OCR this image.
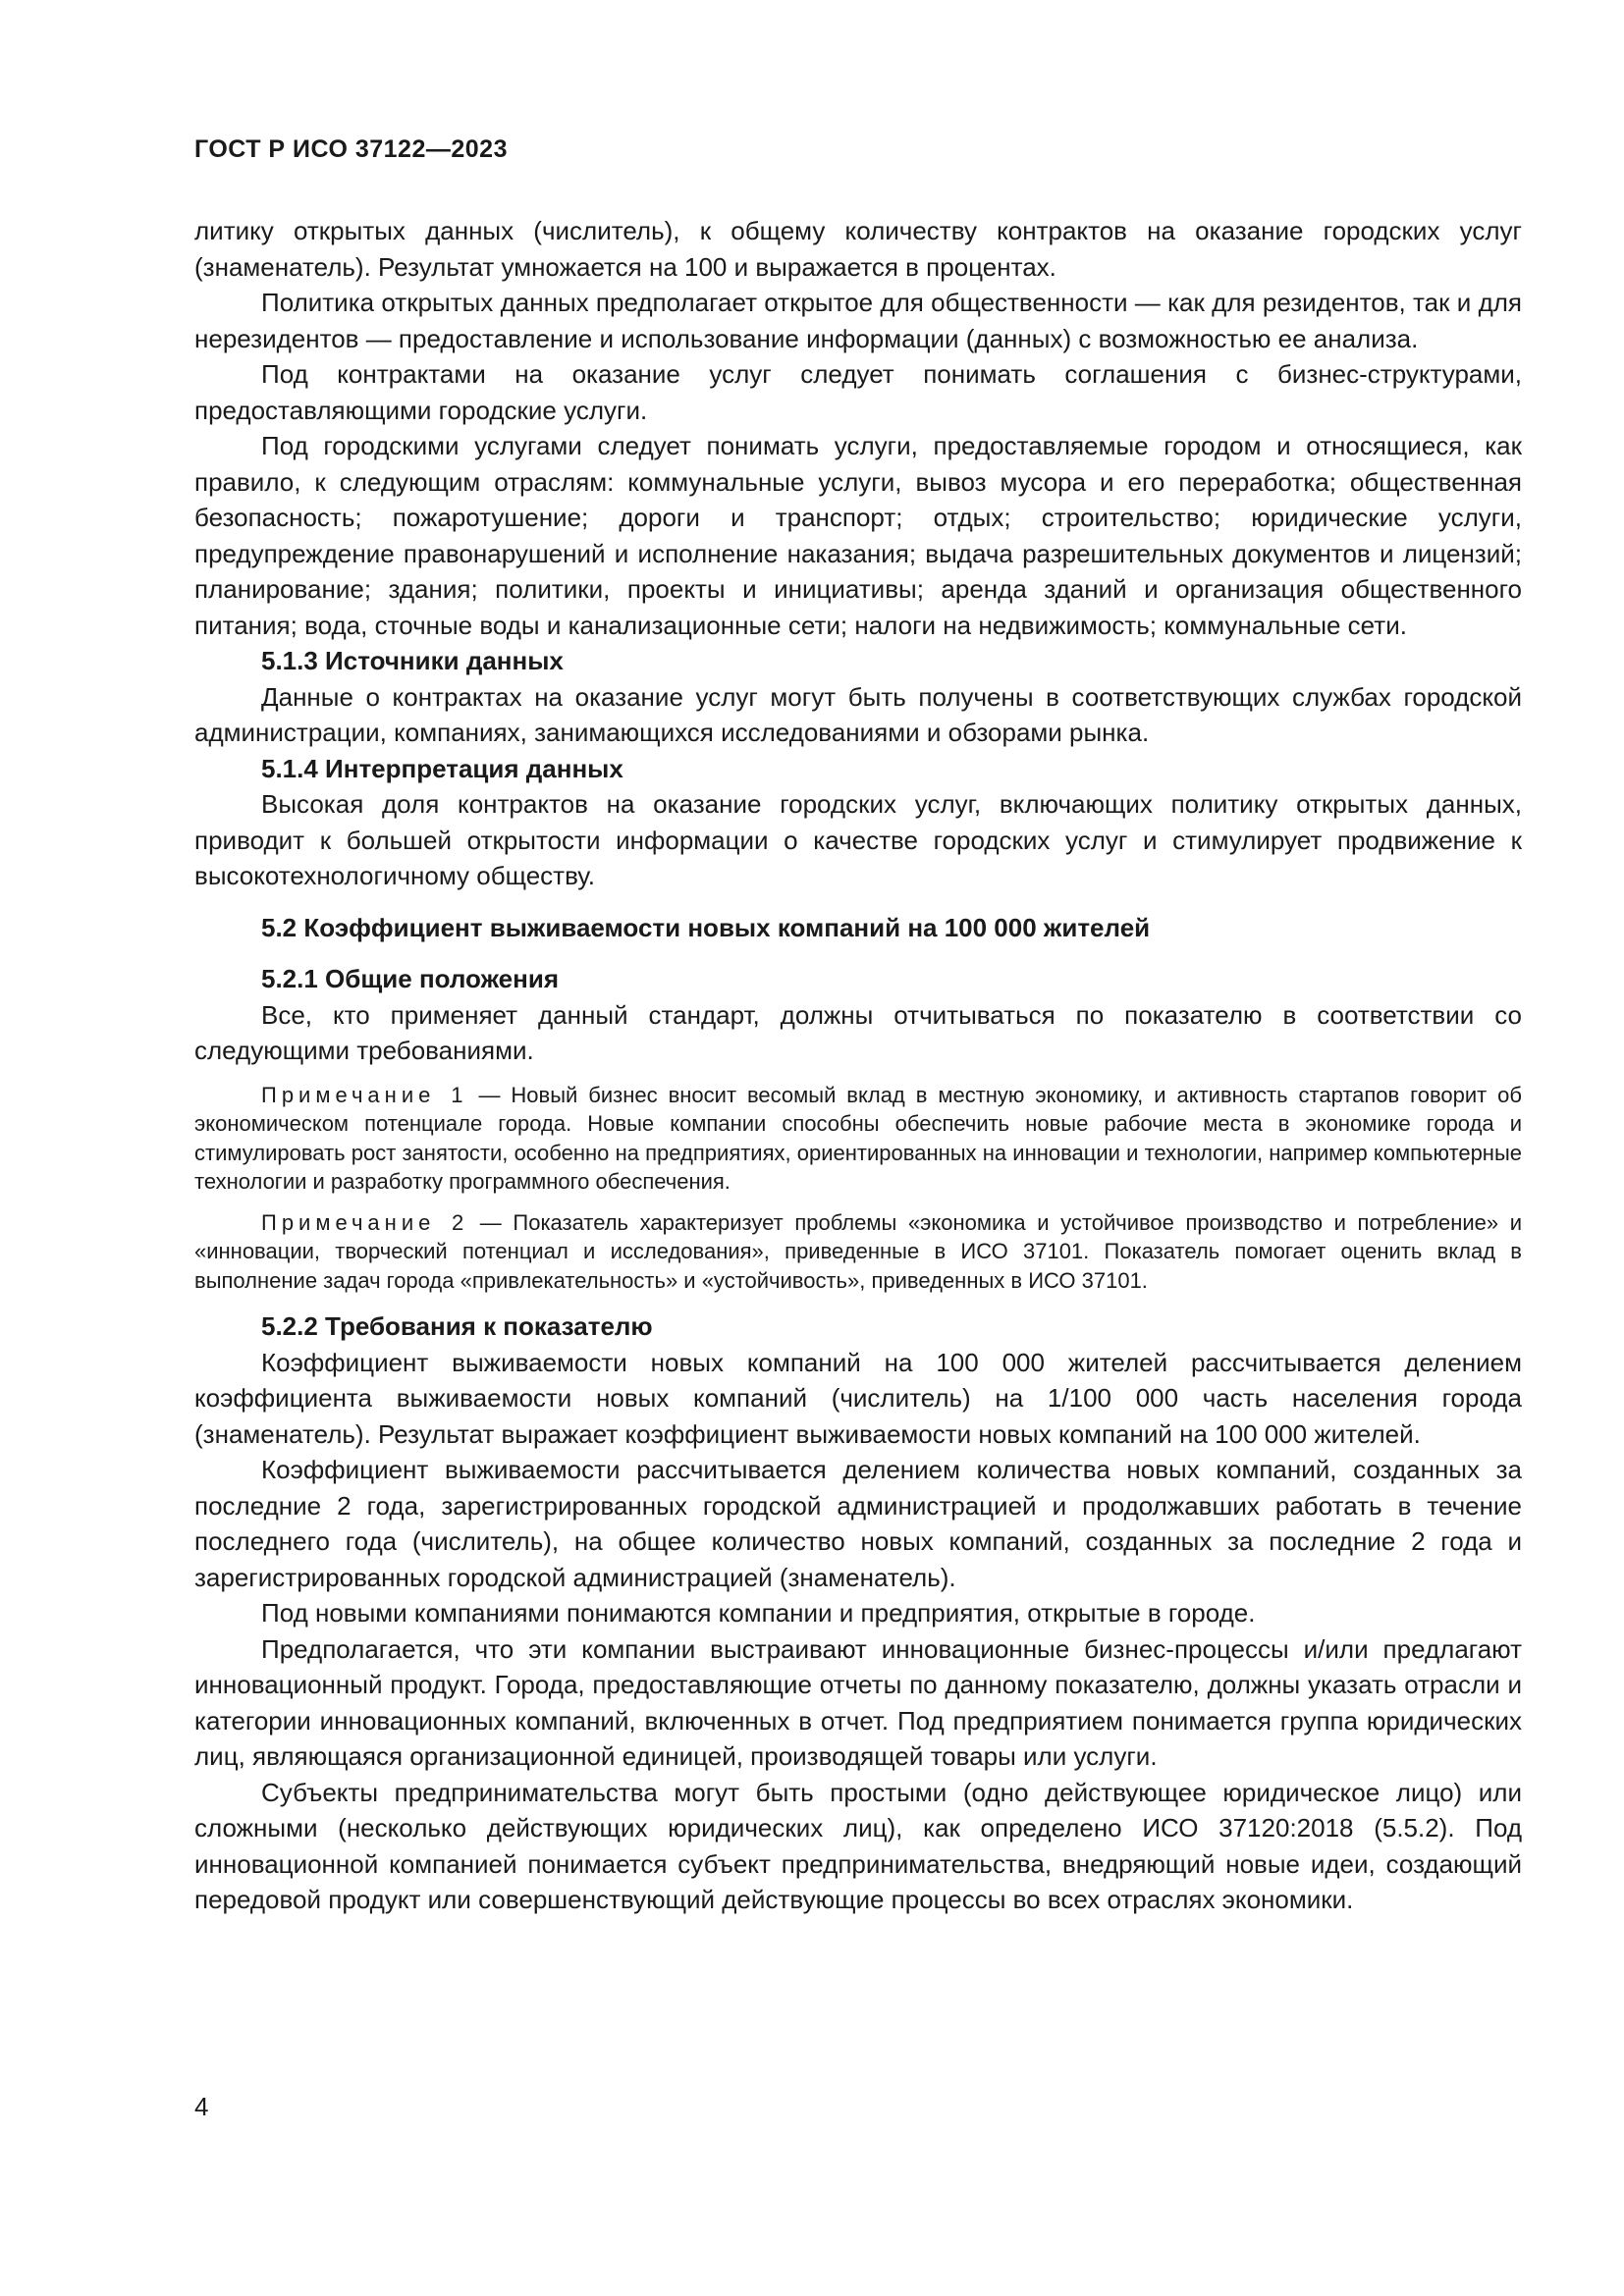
ГОСТ Р ИСО 37122—2023

литику открытых данных (числитель), к общему количеству контрактов на оказание городских услуг (знаменатель). Результат умножается на 100 и выражается в процентах.

Политика открытых данных предполагает открытое для общественности — как для резидентов, так и для нерезидентов — предоставление и использование информации (данных) с возможностью ее анализа.

Под контрактами на оказание услуг следует понимать соглашения с бизнес-структурами, предоставляющими городские услуги.

Под городскими услугами следует понимать услуги, предоставляемые городом и относящиеся, как правило, к следующим отраслям: коммунальные услуги, вывоз мусора и его переработка; общественная безопасность; пожаротушение; дороги и транспорт; отдых; строительство; юридические услуги, предупреждение правонарушений и исполнение наказания; выдача разрешительных документов и лицензий; планирование; здания; политики, проекты и инициативы; аренда зданий и организация общественного питания; вода, сточные воды и канализационные сети; налоги на недвижимость; коммунальные сети.

5.1.3 Источники данных

Данные о контрактах на оказание услуг могут быть получены в соответствующих службах городской администрации, компаниях, занимающихся исследованиями и обзорами рынка.

5.1.4 Интерпретация данных

Высокая доля контрактов на оказание городских услуг, включающих политику открытых данных, приводит к большей открытости информации о качестве городских услуг и стимулирует продвижение к высокотехнологичному обществу.

5.2 Коэффициент выживаемости новых компаний на 100 000 жителей
5.2.1 Общие положения

Все, кто применяет данный стандарт, должны отчитываться по показателю в соответствии со следующими требованиями.

Примечание 1 — Новый бизнес вносит весомый вклад в местную экономику, и активность стартапов говорит об экономическом потенциале города. Новые компании способны обеспечить новые рабочие места в экономике города и стимулировать рост занятости, особенно на предприятиях, ориентированных на инновации и технологии, например компьютерные технологии и разработку программного обеспечения.
Примечание 2 — Показатель характеризует проблемы «экономика и устойчивое производство и потребление» и «инновации, творческий потенциал и исследования», приведенные в ИСО 37101. Показатель помогает оценить вклад в выполнение задач города «привлекательность» и «устойчивость», приведенных в ИСО 37101.
5.2.2 Требования к показателю

Коэффициент выживаемости новых компаний на 100 000 жителей рассчитывается делением коэффициента выживаемости новых компаний (числитель) на 1/100 000 часть населения города (знаменатель). Результат выражает коэффициент выживаемости новых компаний на 100 000 жителей.

Коэффициент выживаемости рассчитывается делением количества новых компаний, созданных за последние 2 года, зарегистрированных городской администрацией и продолжавших работать в течение последнего года (числитель), на общее количество новых компаний, созданных за последние 2 года и зарегистрированных городской администрацией (знаменатель).

Под новыми компаниями понимаются компании и предприятия, открытые в городе.

Предполагается, что эти компании выстраивают инновационные бизнес-процессы и/или предлагают инновационный продукт. Города, предоставляющие отчеты по данному показателю, должны указать отрасли и категории инновационных компаний, включенных в отчет. Под предприятием понимается группа юридических лиц, являющаяся организационной единицей, производящей товары или услуги.

Субъекты предпринимательства могут быть простыми (одно действующее юридическое лицо) или сложными (несколько действующих юридических лиц), как определено ИСО 37120:2018 (5.5.2). Под инновационной компанией понимается субъект предпринимательства, внедряющий новые идеи, создающий передовой продукт или совершенствующий действующие процессы во всех отраслях экономики.

4
